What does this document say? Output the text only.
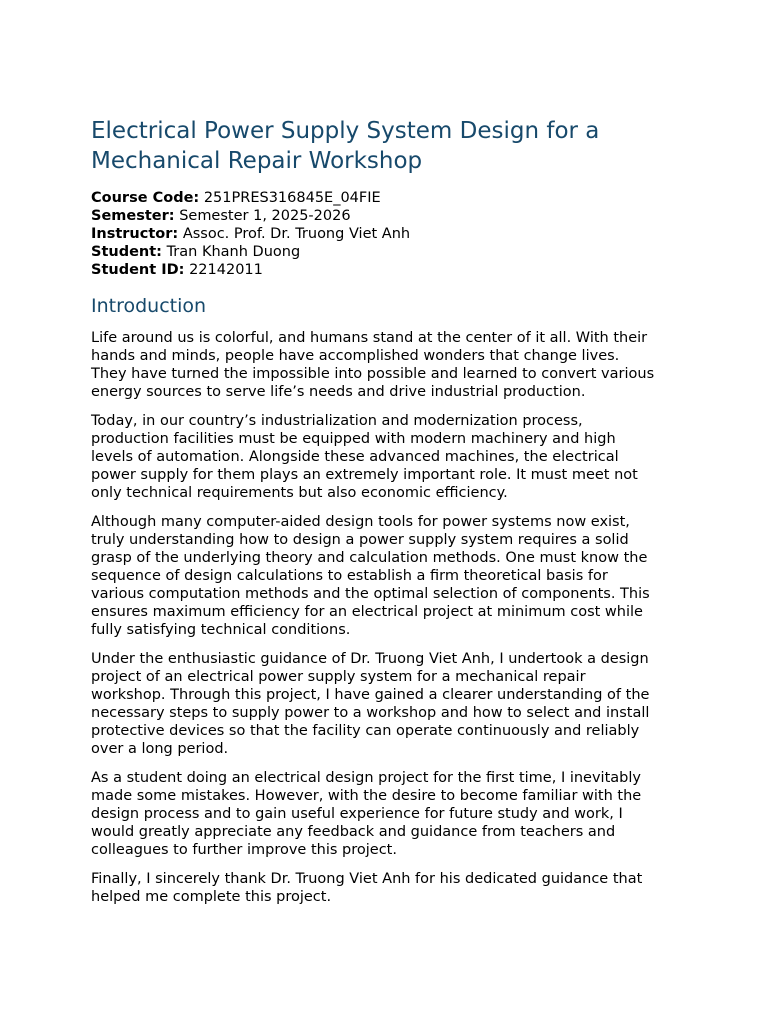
Electrical Power Supply System Design for a Mechanical Repair Workshop
Course Code: 251PRES316845E_04FIE
Semester: Semester 1, 2025-2026
Instructor: Assoc. Prof. Dr. Truong Viet Anh
Student: Tran Khanh Duong
Student ID: 22142011
Introduction

Life around us is colorful, and humans stand at the center of it all. With their
hands and minds, people have accomplished wonders that change lives.
They have turned the impossible into possible and learned to convert various
energy sources to serve life’s needs and drive industrial production.

Today, in our country’s industrialization and modernization process,
production facilities must be equipped with modern machinery and high
levels of automation. Alongside these advanced machines, the electrical
power supply for them plays an extremely important role. It must meet not
only technical requirements but also economic efficiency.

Although many computer-aided design tools for power systems now exist,
truly understanding how to design a power supply system requires a solid
grasp of the underlying theory and calculation methods. One must know the
sequence of design calculations to establish a firm theoretical basis for
various computation methods and the optimal selection of components. This
ensures maximum efficiency for an electrical project at minimum cost while
fully satisfying technical conditions.

Under the enthusiastic guidance of Dr. Truong Viet Anh, I undertook a design
project of an electrical power supply system for a mechanical repair
workshop. Through this project, I have gained a clearer understanding of the
necessary steps to supply power to a workshop and how to select and install
protective devices so that the facility can operate continuously and reliably
over a long period.

As a student doing an electrical design project for the first time, I inevitably
made some mistakes. However, with the desire to become familiar with the
design process and to gain useful experience for future study and work, I
would greatly appreciate any feedback and guidance from teachers and
colleagues to further improve this project.

Finally, I sincerely thank Dr. Truong Viet Anh for his dedicated guidance that
helped me complete this project.
